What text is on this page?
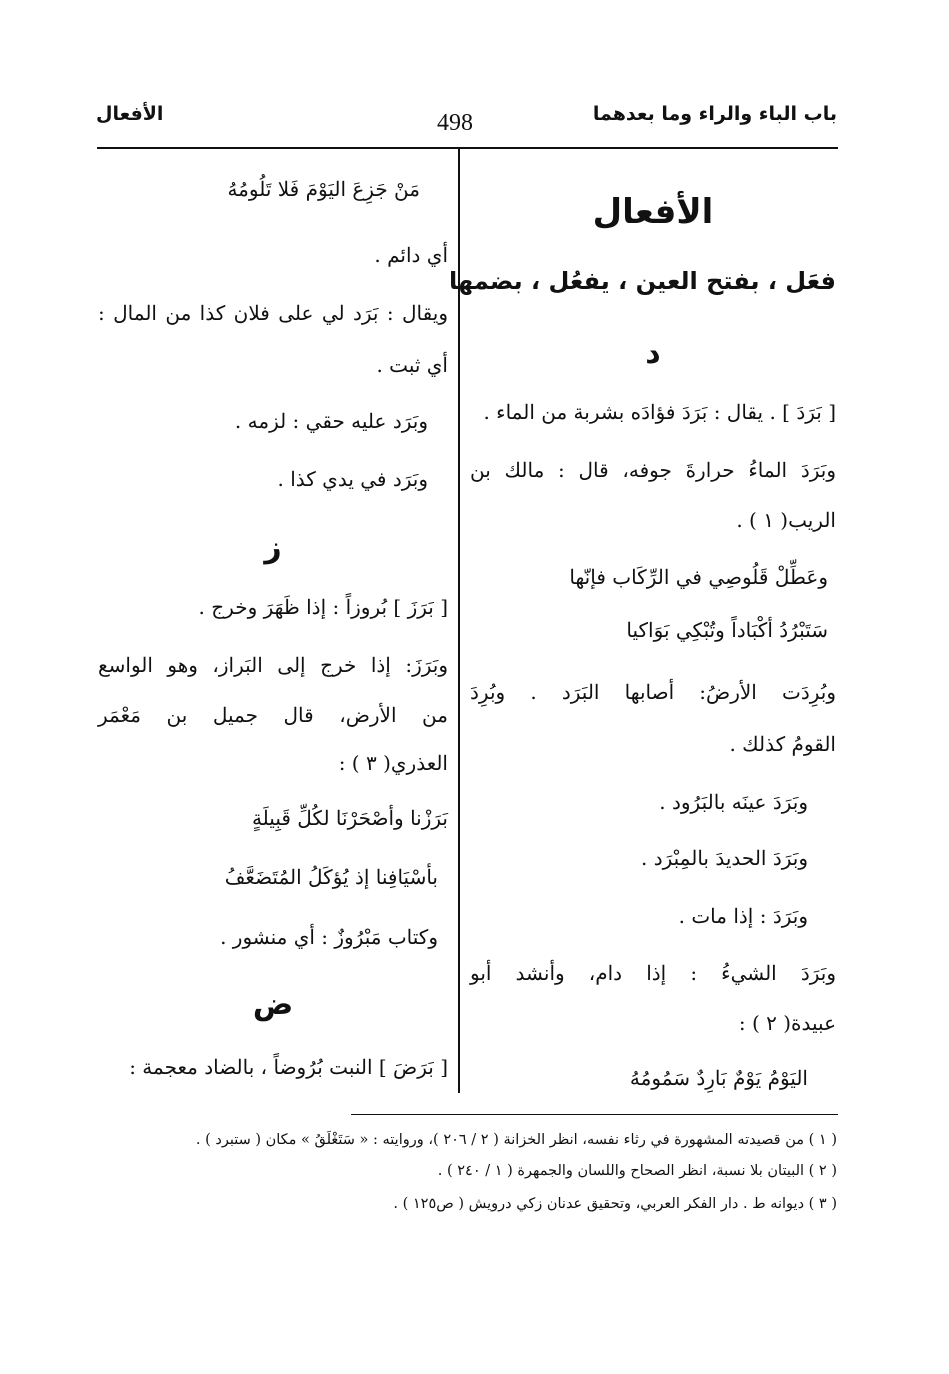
باب الباء والراء وما بعدهما
498
الأفعال
الأفعال
فعَل ، بفتح العين ، يفعُل ، بضمها
د
[ بَرَدَ ] . يقال : بَرَدَ فؤادَه بشربة من الماء .
وبَرَدَ الماءُ حرارةَ جوفه، قال : مالك بن
الريب( ١ ) .
وعَطِّلْ قَلُوصِي في الرِّكَاب فإنّها
سَتَبْرُدُ أكْبَاداً وتُبْكِي بَوَاكيا
وبُرِدَت الأرضُ: أصابها البَرَد . وبُرِدَ
القومُ كذلك .
وبَرَدَ عينَه بالبَرُود .
وبَرَدَ الحديدَ بالمِبْرَد .
وبَرَدَ : إذا مات .
وبَرَدَ الشيءُ : إذا دام، وأنشد أبو
عبيدة( ٢ ) :
اليَوْمُ يَوْمٌ بَارِدٌ سَمُومُهُ
مَنْ جَزِعَ اليَوْمَ فَلا تَلُومُهُ
أي دائم .
ويقال : بَرَد لي على فلان كذا من المال :
أي ثبت .
وبَرَد عليه حقي : لزمه .
وبَرَد في يدي كذا .
ز
[ بَرَزَ ] بُروزاً : إذا ظَهَرَ وخرج .
وبَرَزَ: إذا خرج إلى البَراز، وهو الواسع
من الأرض، قال جميل بن مَعْمَر
العذري( ٣ ) :
بَرَزْنا وأصْحَرْنَا لكُلِّ قَبِيلَةٍ
بأسْيَافِنا إذ يُؤكَلُ المُتَضَعَّفُ
وكتاب مَبْرُوزٌ : أي منشور .
ض
[ بَرَضَ ] النبت بُرُوضاً ، بالضاد معجمة :
( ١ ) من قصيدته المشهورة في رثاء نفسه، انظر الخزانة ( ٢ / ٢٠٦ )، وروايته : « سَتَغْلَقُ » مكان ( ستبرد ) .
( ٢ ) البيتان بلا نسبة، انظر الصحاح واللسان والجمهرة ( ١ / ٢٤٠ ) .
( ٣ ) ديوانه ط . دار الفكر العربي، وتحقيق عدنان زكي درويش ( ص١٢٥ ) .
